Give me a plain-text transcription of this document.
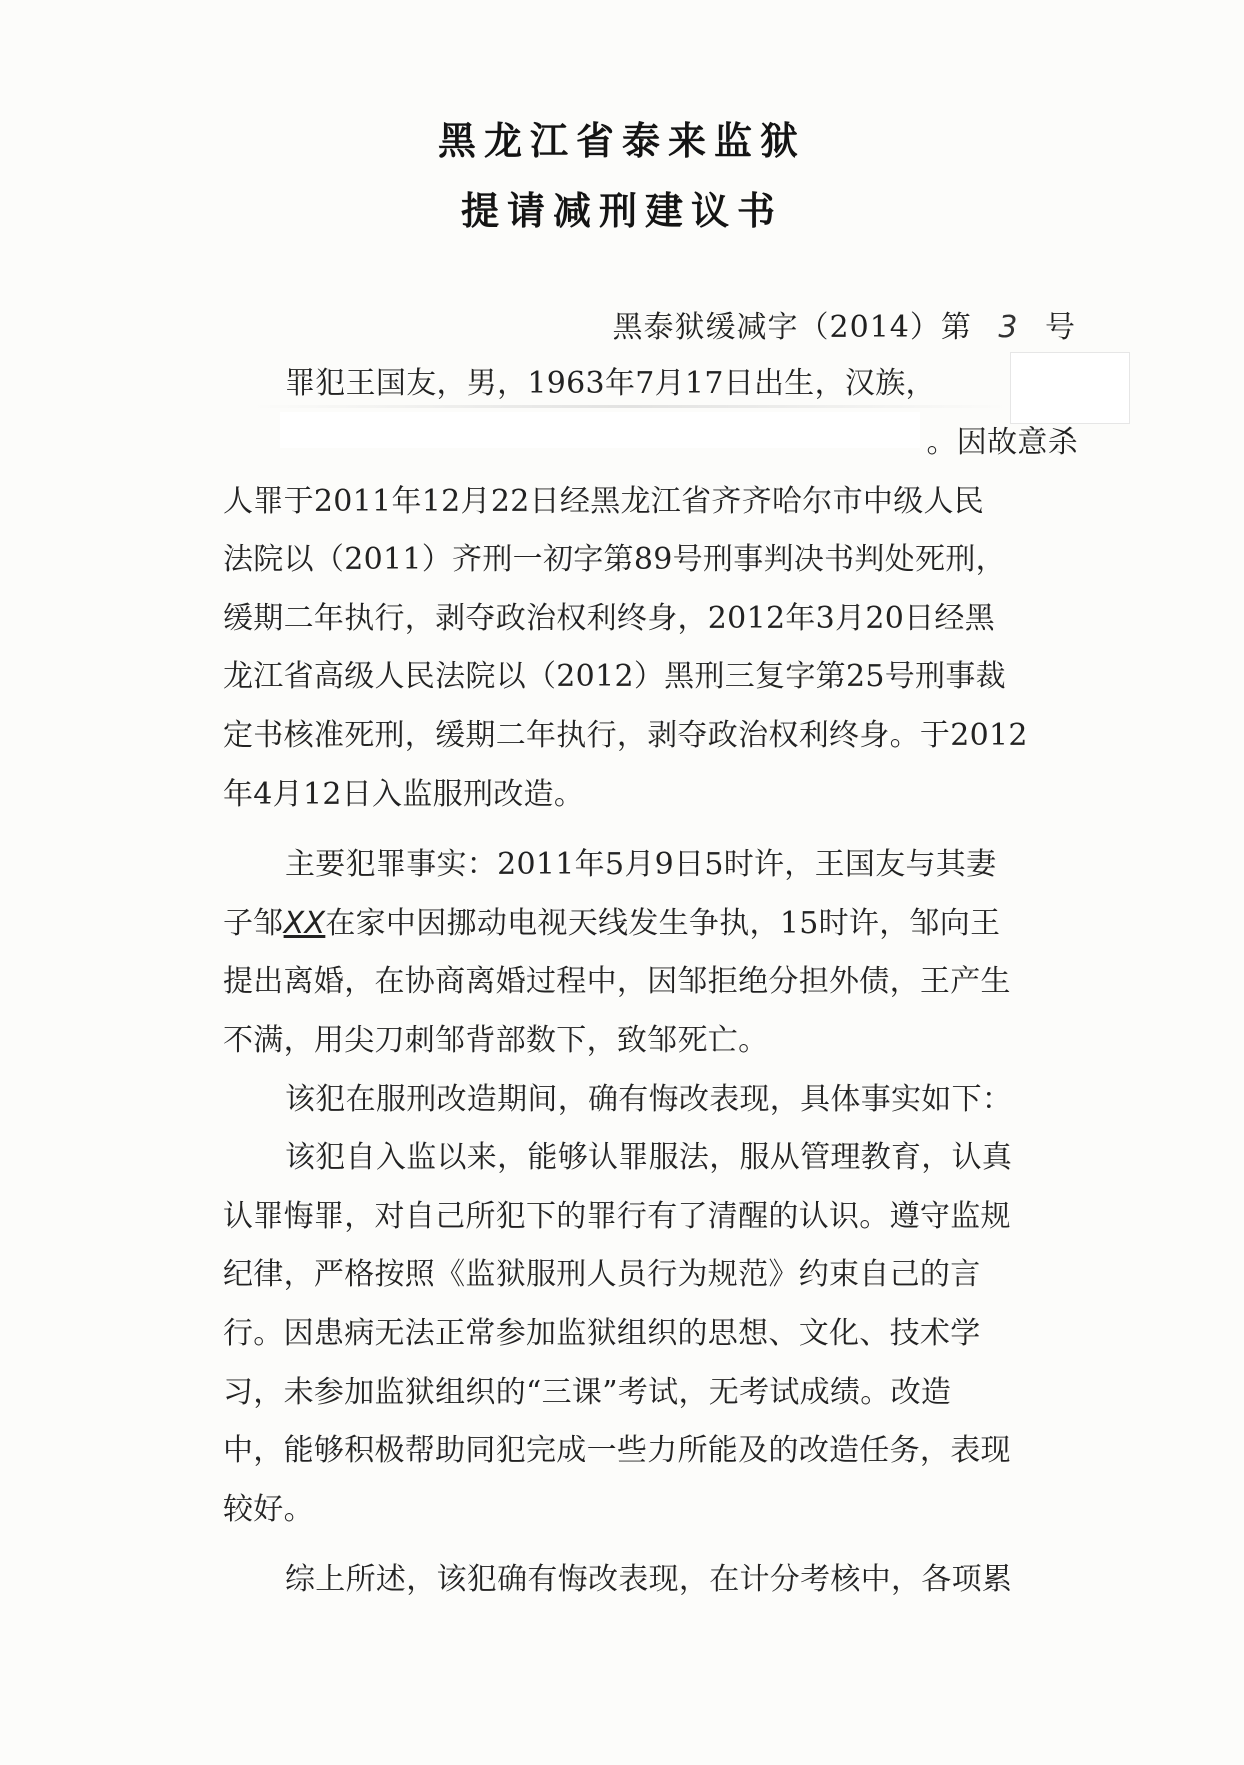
黑龙江省泰来监狱
提请减刑建议书
黑泰狱缓减字（2014）第 3 号
罪犯王国友，男，1963年7月17日出生，汉族，
。因故意杀
人罪于2011年12月22日经黑龙江省齐齐哈尔市中级人民
法院以（2011）齐刑一初字第89号刑事判决书判处死刑，
缓期二年执行，剥夺政治权利终身，2012年3月20日经黑
龙江省高级人民法院以（2012）黑刑三复字第25号刑事裁
定书核准死刑，缓期二年执行，剥夺政治权利终身。于2012
年4月12日入监服刑改造。
主要犯罪事实：2011年5月9日5时许，王国友与其妻
子邹XX在家中因挪动电视天线发生争执，15时许，邹向王
提出离婚，在协商离婚过程中，因邹拒绝分担外债，王产生
不满，用尖刀刺邹背部数下，致邹死亡。
该犯在服刑改造期间，确有悔改表现，具体事实如下：
该犯自入监以来，能够认罪服法，服从管理教育，认真
认罪悔罪，对自己所犯下的罪行有了清醒的认识。遵守监规
纪律，严格按照《监狱服刑人员行为规范》约束自己的言
行。因患病无法正常参加监狱组织的思想、文化、技术学
习，未参加监狱组织的“三课”考试，无考试成绩。改造
中，能够积极帮助同犯完成一些力所能及的改造任务，表现
较好。
综上所述，该犯确有悔改表现，在计分考核中，各项累
